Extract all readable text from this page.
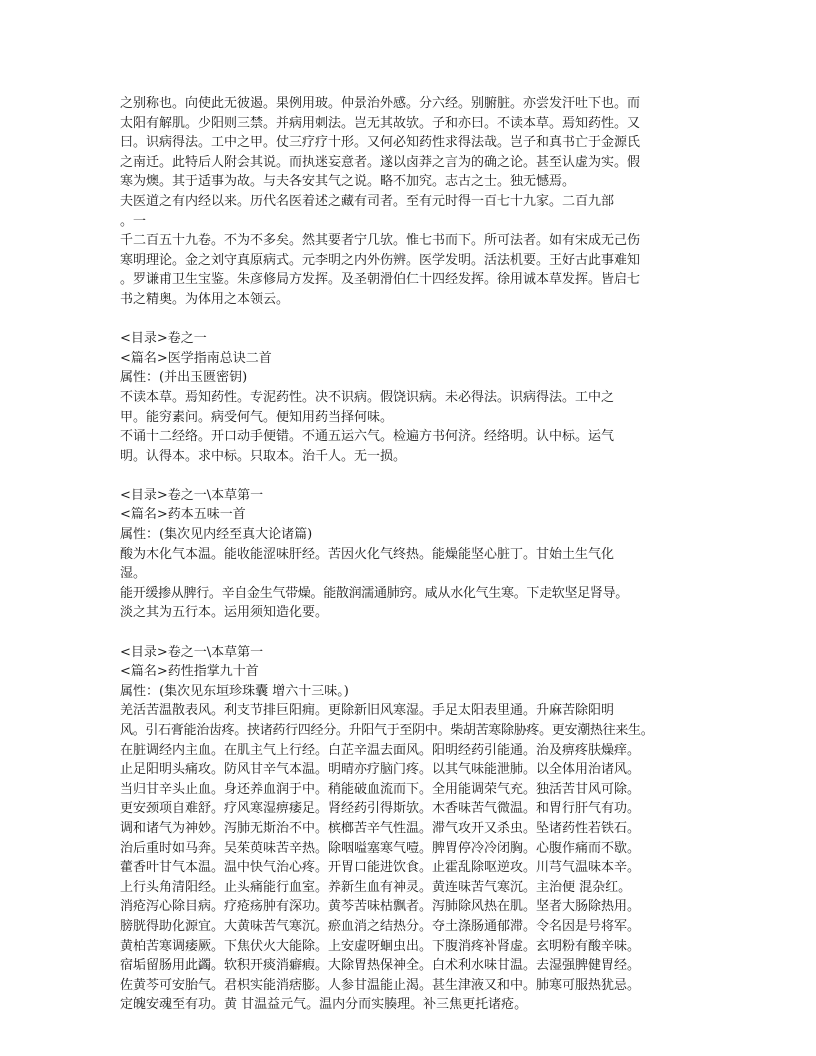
之别称也。向使此无彼遏。果例用玻。仲景治外感。分六经。别腑脏。亦尝发汗吐下也。而
太阳有解肌。少阳则三禁。并病用刺法。岂无其故欤。子和亦曰。不读本草。焉知药性。又
曰。识病得法。工中之甲。仗三疗疗十形。又何必知药性求得法哉。岂子和真书亡于金源氏
之南迁。此特后人附会其说。而执迷妄意者。遂以卤莽之言为的确之论。甚至认虚为实。假
寒为燠。其于适事为故。与夫各安其气之说。略不加究。志古之士。独无憾焉。
夫医道之有内经以来。历代名医着述之藏有司者。至有元时得一百七十九家。二百九部
。一
千二百五十九卷。不为不多矣。然其要者宁几欤。惟七书而下。所可法者。如有宋成无己伤
寒明理论。金之刘守真原病式。元李明之内外伤辨。医学发明。活法机要。王好古此事难知
。罗谦甫卫生宝鉴。朱彦修局方发挥。及圣朝滑伯仁十四经发挥。徐用诚本草发挥。皆启七
书之精奥。为体用之本领云。
<目录>卷之一
<篇名>医学指南总诀二首
属性：(并出玉匮密钥)
不读本草。焉知药性。专泥药性。决不识病。假饶识病。未必得法。识病得法。工中之
甲。能穷素问。病受何气。便知用药当择何味。
不诵十二经络。开口动手便错。不通五运六气。检遍方书何济。经络明。认中标。运气
明。认得本。求中标。只取本。治千人。无一损。
<目录>卷之一\本草第一
<篇名>药本五味一首
属性：(集次见内经至真大论诸篇)
酸为木化气本温。能收能涩味肝经。苦因火化气终热。能燥能坚心脏丁。甘始土生气化
湿。
能开缓掺从脾行。辛自金生气带燥。能散润濡通肺窍。咸从水化气生寒。下走软坚足肾导。
淡之其为五行本。运用须知造化要。
<目录>卷之一\本草第一
<篇名>药性指掌九十首
属性：(集次见东垣珍珠囊 增六十三味。)
羌活苦温散表风。利支节排巨阳痈。更除新旧风寒湿。手足太阳表里通。升麻苦除阳明
风。引石膏能治齿疼。挟诸药行四经分。升阳气于至阴中。柴胡苦寒除胁疼。更安潮热往来生。
在脏调经内主血。在肌主气上行经。白芷辛温去面风。阳明经药引能通。治及痹疼肤燥痒。
止足阳明头痛攻。防风甘辛气本温。明晴亦疗脑门疼。以其气味能泄肺。以全体用治诸风。
当归甘辛头止血。身还养血润于中。稍能破血流而下。全用能调荣气充。独活苦甘风可除。
更安颈项自难舒。疗风寒湿痹痿足。肾经药引得斯欤。木香味苦气微温。和胃行肝气有功。
调和诸气为神妙。泻肺无斯治不中。槟榔苦辛气性温。滞气攻开又杀虫。坠诸药性若铁石。
治后重时如马奔。吴茱萸味苦辛热。除咽嗌塞寒气噎。脾胃停冷冷闭胸。心腹作痛而不歇。
藿香叶甘气本温。温中快气治心疼。开胃口能进饮食。止霍乱除呕逆攻。川芎气温味本辛。
上行头角清阳经。止头痛能行血室。养新生血有神灵。黄连味苦气寒沉。主治便 混杂红。
消疮泻心除目病。疗疮疡肿有深功。黄芩苦味枯飘者。泻肺除风热在肌。坚者大肠除热用。
膀胱得助化源宜。大黄味苦气寒沉。瘀血消之结热分。夺土涤肠通郁滞。令名因是号将军。
黄柏苦寒调痿厥。下焦伏火大能除。上安虚呀蛔虫出。下腹消疼补肾虚。玄明粉有酸辛味。
宿垢留肠用此蠲。软积开痰消癖瘕。大除胃热保神全。白术利水味甘温。去湿强脾健胃经。
佐黄芩可安胎气。君枳实能消痞膨。人参甘温能止渴。甚生津液又和中。肺寒可服热犹忌。
定魄安魂至有功。黄 甘温益元气。温内分而实腠理。补三焦更托诸疮。
